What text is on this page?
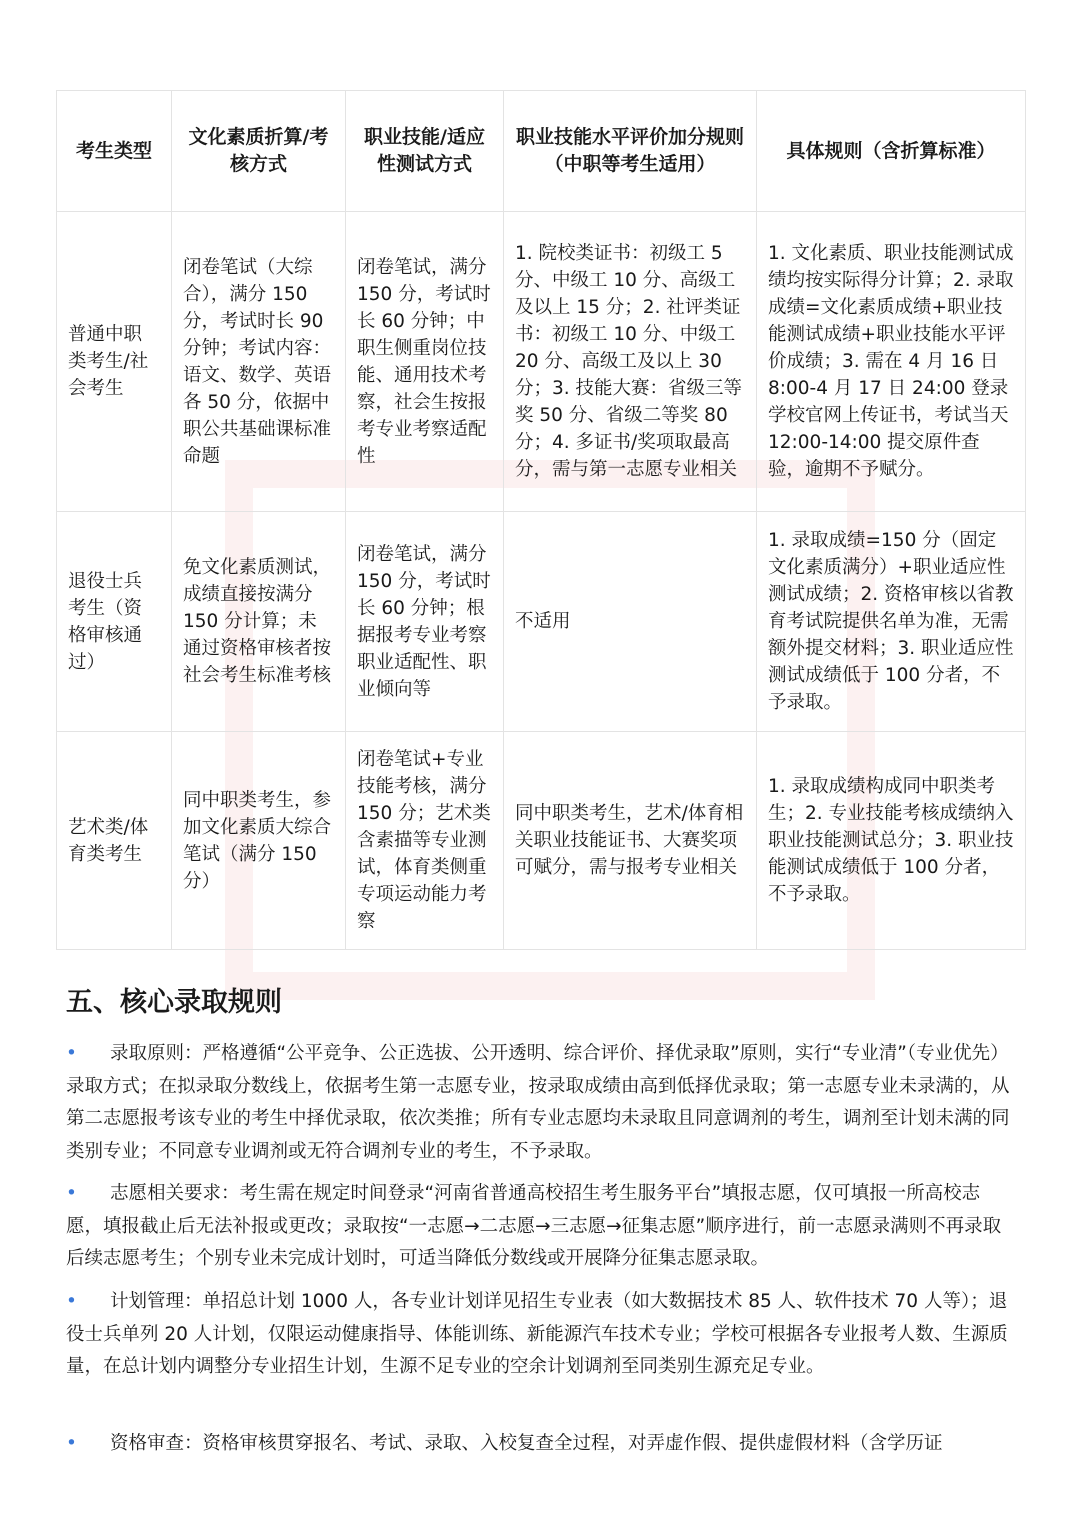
考生类型	文化素质折算/考核方式	职业技能/适应性测试方式	职业技能水平评价加分规则
（中职等考生适用）	具体规则（含折算标准）
普通中职类考生/社会考生	闭卷笔试（大综合），满分 150 分，考试时长 90 分钟；考试内容：语文、数学、英语各 50 分，依据中职公共基础课标准命题	闭卷笔试，满分 150 分，考试时长 60 分钟；中职生侧重岗位技能、通用技术考察，社会生按报考专业考察适配性	1. 院校类证书：初级工 5 分、中级工 10 分、高级工及以上 15 分；2. 社评类证书：初级工 10 分、中级工 20 分、高级工及以上 30 分；3. 技能大赛：省级三等奖 50 分、省级二等奖 80 分；4. 多证书/奖项取最高分，需与第一志愿专业相关	1. 文化素质、职业技能测试成绩均按实际得分计算；2. 录取成绩=文化素质成绩+职业技能测试成绩+职业技能水平评价成绩；3. 需在 4 月 16 日 8:00-4 月 17 日 24:00 登录学校官网上传证书，考试当天 12:00-14:00 提交原件查验，逾期不予赋分。
退役士兵考生（资格审核通过）	免文化素质测试，成绩直接按满分 150 分计算；未通过资格审核者按社会考生标准考核	闭卷笔试，满分 150 分，考试时长 60 分钟；根据报考专业考察职业适配性、职业倾向等	不适用	1. 录取成绩=150 分（固定文化素质满分）+职业适应性测试成绩；2. 资格审核以省教育考试院提供名单为准，无需额外提交材料；3. 职业适应性测试成绩低于 100 分者，不予录取。
艺术类/体育类考生	同中职类考生，参加文化素质大综合笔试（满分 150 分）	闭卷笔试+专业技能考核，满分 150 分；艺术类含素描等专业测试，体育类侧重专项运动能力考察	同中职类考生，艺术/体育相关职业技能证书、大赛奖项可赋分，需与报考专业相关	1. 录取成绩构成同中职类考生；2. 专业技能考核成绩纳入职业技能测试总分；3. 职业技能测试成绩低于 100 分者，不予录取。
五、核心录取规则

• 录取原则：严格遵循“公平竞争、公正选拔、公开透明、综合评价、择优录取”原则，实行“专业清”（专业优先）录取方式；在拟录取分数线上，依据考生第一志愿专业，按录取成绩由高到低择优录取；第一志愿专业未录满的，从第二志愿报考该专业的考生中择优录取，依次类推；所有专业志愿均未录取且同意调剂的考生，调剂至计划未满的同类别专业；不同意专业调剂或无符合调剂专业的考生，不予录取。

• 志愿相关要求：考生需在规定时间登录“河南省普通高校招生考生服务平台”填报志愿，仅可填报一所高校志愿，填报截止后无法补报或更改；录取按“一志愿→二志愿→三志愿→征集志愿”顺序进行，前一志愿录满则不再录取后续志愿考生；个别专业未完成计划时，可适当降低分数线或开展降分征集志愿录取。

• 计划管理：单招总计划 1000 人，各专业计划详见招生专业表（如大数据技术 85 人、软件技术 70 人等）；退役士兵单列 20 人计划，仅限运动健康指导、体能训练、新能源汽车技术专业；学校可根据各专业报考人数、生源质量，在总计划内调整分专业招生计划，生源不足专业的空余计划调剂至同类别生源充足专业。

• 资格审查：资格审核贯穿报名、考试、录取、入校复查全过程，对弄虚作假、提供虚假材料（含学历证
